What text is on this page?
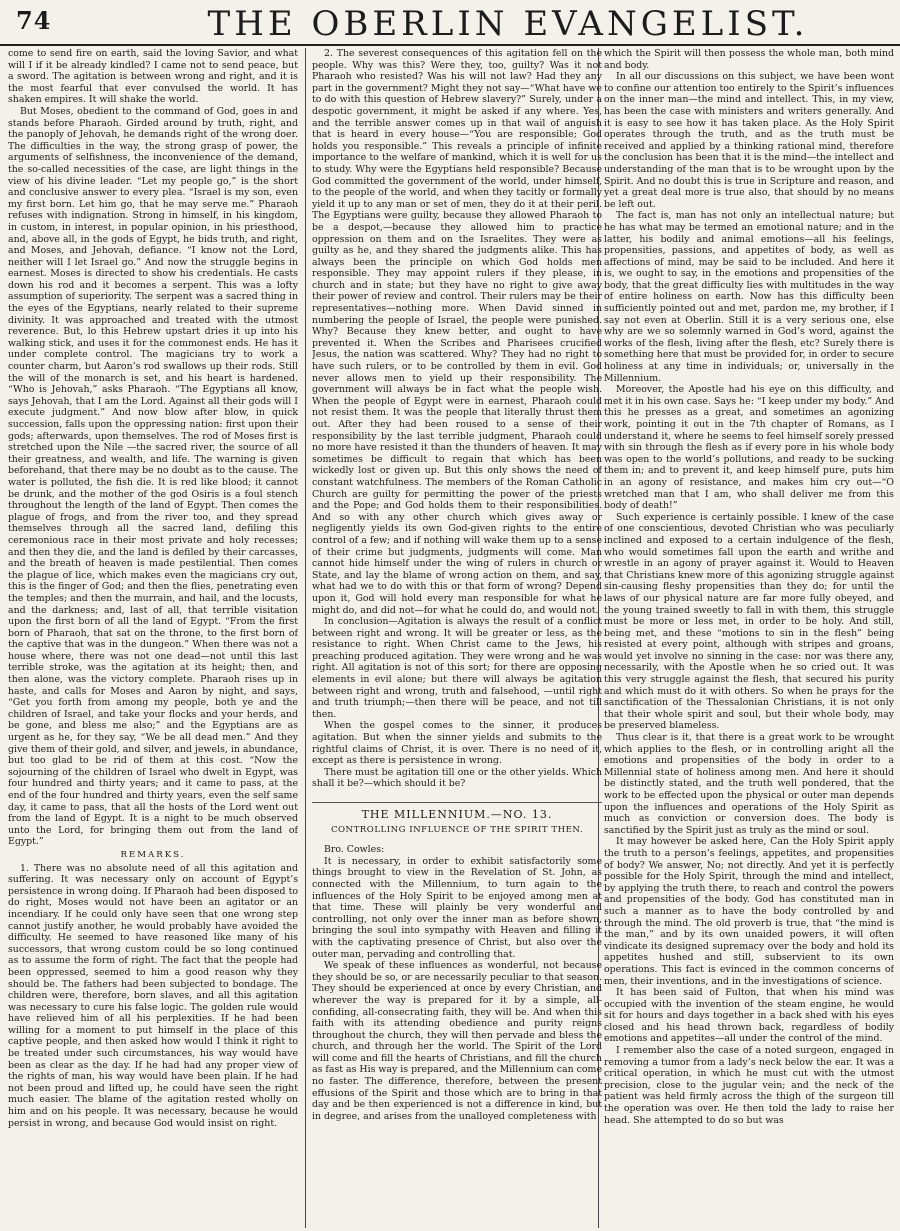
74	THE OBERLIN EVANGELIST.

come to send fire on earth, said the loving Savior, and what will I if it be already kindled? I came not to send peace, but a sword. The agitation is between wrong and right, and it is the most fearful that ever convulsed the world. It has shaken empires. It will shake the world.

But Moses, obedient to the command of God, goes in and stands before Pharaoh. Girded around by truth, right, and the panoply of Jehovah, he demands right of the wrong doer. The difficulties in the way, the strong grasp of power, the arguments of selfishness, the inconvenience of the demand, the so-called necessities of the case, are light things in the view of his divine leader. “Let my people go,” is the short and conclusive answer to every plea. “Israel is my son, even my first born. Let him go, that he may serve me.” Pharaoh refuses with indignation. Strong in himself, in his kingdom, in custom, in interest, in popular opinion, in his priesthood, and, above all, in the gods of Egypt, he bids truth, and right, and Moses, and Jehovah, defiance. “I know not the Lord, neither will I let Israel go.” And now the struggle begins in earnest. Moses is directed to show his credentials. He casts down his rod and it becomes a serpent. This was a lofty assumption of superiority. The serpent was a sacred thing in the eyes of the Egyptians, nearly related to their supreme divinity. It was approached and treated with the utmost reverence. But, lo this Hebrew upstart dries it up into his walking stick, and uses it for the commonest ends. He has it under complete control. The magicians try to work a counter charm, but Aaron’s rod swallows up their rods. Still the will of the monarch is set, and his heart is hardened. “Who is Jehovah,” asks Pharaoh. “The Egyptians all know, says Jehovah, that I am the Lord. Against all their gods will I execute judgment.” And now blow after blow, in quick succession, falls upon the oppressing nation: first upon their gods; afterwards, upon themselves. The rod of Moses first is stretched upon the Nile —the sacred river, the source of all their greatness, and wealth, and life. The warning is given beforehand, that there may be no doubt as to the cause. The water is polluted, the fish die. It is red like blood; it cannot be drunk, and the mother of the god Osiris is a foul stench throughout the length of the land of Egypt. Then comes the plague of frogs, and from the river too, and they spread themselves through all the sacred land, defiling this ceremonious race in their most private and holy recesses; and then they die, and the land is defiled by their carcasses, and the breath of heaven is made pestilential. Then comes the plague of lice, which makes even the magicians cry out, this is the finger of God; and then the flies, penetrating even the temples; and then the murrain, and hail, and the locusts, and the darkness; and, last of all, that terrible visitation upon the first born of all the land of Egypt. “From the first born of Pharaoh, that sat on the throne, to the first born of the captive that was in the dungeon.” When there was not a house where, there was not one dead—not until this last terrible stroke, was the agitation at its height; then, and then alone, was the victory complete. Pharaoh rises up in haste, and calls for Moses and Aaron by night, and says, “Get you forth from among my people, both ye and the children of Israel, and take your flocks and your herds, and be gone, and bless me also;” and the Egyptians are as urgent as he, for they say, “We be all dead men.” And they give them of their gold, and silver, and jewels, in abundance, but too glad to be rid of them at this cost. “Now the sojourning of the children of Israel who dwelt in Egypt, was four hundred and thirty years; and it came to pass, at the end of the four hundred and thirty years, even the self same day, it came to pass, that all the hosts of the Lord went out from the land of Egypt. It is a night to be much observed unto the Lord, for bringing them out from the land of Egypt.”

REMARKS.

1. There was no absolute need of all this agitation and suffering. It was necessary only on account of Egypt’s persistence in wrong doing. If Pharaoh had been disposed to do right, Moses would not have been an agitator or an incendiary. If he could only have seen that one wrong step cannot justify another, he would probably have avoided the difficulty. He seemed to have reasoned like many of his successors, that wrong custom could be so long continued as to assume the form of right. The fact that the people had been oppressed, seemed to him a good reason why they should be. The fathers had been subjected to bondage. The children were, therefore, born slaves, and all this agitation was necessary to cure his false logic. The golden rule would have relieved him of all his perplexities. If he had been willing for a moment to put himself in the place of this captive people, and then asked how would I think it right to be treated under such circumstances, his way would have been as clear as the day. If he had had any proper view of the rights of man, his way would have been plain. If he had not been proud and lifted up, he could have seen the right much easier. The blame of the agitation rested wholly on him and on his people. It was necessary, because he would persist in wrong, and because God would insist on right.

2. The severest consequences of this agitation fell on the people. Why was this? Were they, too, guilty? Was it not Pharaoh who resisted? Was his will not law? Had they any part in the government? Might they not say—“What have we to do with this question of Hebrew slavery?” Surely, under a despotic government, it might be asked if any where. Yes, and the terrible answer comes up in that wail of anguish that is heard in every house—“You are responsible; God holds you responsible.” This reveals a principle of infinite importance to the welfare of mankind, which it is well for us to study. Why were the Egyptians held responsible? Because God committed the government of the world, under himself, to the people of the world, and when they tacitly or formally yield it up to any man or set of men, they do it at their peril. The Egyptians were guilty, because they allowed Pharaoh to be a despot,—because they allowed him to practice oppression on them and on the Israelites. They were as guilty as he, and they shared the judgments alike. This has always been the principle on which God holds men responsible. They may appoint rulers if they please, in church and in state; but they have no right to give away their power of review and control. Their rulers may be their representatives—nothing more. When David sinned in numbering the people of Israel, the people were punished. Why? Because they knew better, and ought to have prevented it. When the Scribes and Pharisees crucified Jesus, the nation was scattered. Why? They had no right to have such rulers, or to be controlled by them in evil. God never allows men to yield up their responsibility. The government will always be in fact what the people wish. When the people of Egypt were in earnest, Pharaoh could not resist them. It was the people that literally thrust them out. After they had been roused to a sense of their responsibility by the last terrible judgment, Pharaoh could no more have resisted it than the thunders of heaven. It may sometimes be difficult to regain that which has been wickedly lost or given up. But this only shows the need of constant watchfulness. The members of the Roman Catholic Church are guilty for permitting the power of the priests and the Pope; and God holds them to their responsibilities. And so with any other church which gives away or negligently yields its own God-given rights to the entire control of a few; and if nothing will wake them up to a sense of their crime but judgments, judgments will come. Man cannot hide himself under the wing of rulers in church or State, and lay the blame of wrong action on them, and say, what had we to do with this or that form of wrong? Depend upon it, God will hold every man responsible for what he might do, and did not—for what he could do, and would not.

In conclusion—Agitation is always the result of a conflict between right and wrong. It will be greater or less, as the resistance to right. When Christ came to the Jews, his preaching produced agitation. They were wrong and he was right. All agitation is not of this sort; for there are opposing elements in evil alone; but there will always be agitation between right and wrong, truth and falsehood, —until right and truth triumph;—then there will be peace, and not till then.

When the gospel comes to the sinner, it produces agitation. But when the sinner yields and submits to the rightful claims of Christ, it is over. There is no need of it, except as there is persistence in wrong.

There must be agitation till one or the other yields. Which shall it be?—which should it be?

THE MILLENNIUM.—NO. 13.
CONTROLLING INFLUENCE OF THE SPIRIT THEN.

Bro. Cowles:

It is necessary, in order to exhibit satisfactorily some things brought to view in the Revelation of St. John, as connected with the Millennium, to turn again to the influences of the Holy Spirit to be enjoyed among men at that time. These will plainly be very wonderful and controlling, not only over the inner man as before shown, bringing the soul into sympathy with Heaven and filling it with the captivating presence of Christ, but also over the outer man, pervading and controlling that.

We speak of these influences as wonderful, not because they should be so, or are necessarily peculiar to that season. They should be experienced at once by every Christian, and wherever the way is prepared for it by a simple, all-confiding, all-consecrating faith, they will be. And when this faith with its attending obedience and purity reigns throughout the church, they will then pervade and bless the church, and through her the world. The Spirit of the Lord will come and fill the hearts of Christians, and fill the church as fast as His way is prepared, and the Millennium can come no faster. The difference, therefore, between the present effusions of the Spirit and those which are to bring in that day and be then experienced is not a difference in kind, but in degree, and arises from the unalloyed completeness with

which the Spirit will then possess the whole man, both mind and body.

In all our discussions on this subject, we have been wont to confine our attention too entirely to the Spirit’s influences on the inner man—the mind and intellect. This, in my view, has been the case with ministers and writers generally. And it is easy to see how it has taken place. As the Holy Spirit operates through the truth, and as the truth must be received and applied by a thinking rational mind, therefore the conclusion has been that it is the mind—the intellect and understanding of the man that is to be wrought upon by the Spirit. And no doubt this is true in Scripture and reason, and yet a great deal more is true also, that should by no means be left out.

The fact is, man has not only an intellectual nature; but he has what may be termed an emotional nature; and in the latter, his bodily and animal emotions—all his feelings, propensities, passions, and appetites of body, as well as affections of mind, may be said to be included. And here it is, we ought to say, in the emotions and propensities of the body, that the great difficulty lies with multitudes in the way of entire holiness on earth. Now has this difficulty been sufficiently pointed out and met, pardon me, my brother, if I say not even at Oberlin. Still it is a very serious one, else why are we so solemnly warned in God’s word, against the works of the flesh, living after the flesh, etc? Surely there is something here that must be provided for, in order to secure holiness at any time in individuals; or, universally in the Millennium.

Moreover, the Apostle had his eye on this difficulty, and met it in his own case. Says he: “I keep under my body.” And this he presses as a great, and sometimes an agonizing work, pointing it out in the 7th chapter of Romans, as I understand it, where he seems to feel himself sorely pressed with sin through the flesh as if every pore in his whole body was open to the world’s pollutions, and ready to be sucking them in; and to prevent it, and keep himself pure, puts him in an agony of resistance, and makes him cry out—“O wretched man that I am, who shall deliver me from this body of death!”

Such experience is certainly possible. I knew of the case of one conscientious, devoted Christian who was peculiarly inclined and exposed to a certain indulgence of the flesh, who would sometimes fall upon the earth and writhe and wrestle in an agony of prayer against it. Would to Heaven that Christians knew more of this agonizing struggle against sin-causing fleshy propensities than they do; for until the laws of our physical nature are far more fully obeyed, and the young trained sweetly to fall in with them, this struggle must be more or less met, in order to be holy. And still, being met, and these “motions to sin in the flesh” being resisted at every point, although with stripes and groans, would yet involve no sinning in the case: nor was there any, necessarily, with the Apostle when he so cried out. It was this very struggle against the flesh, that secured his purity and which must do it with others. So when he prays for the sanctification of the Thessalonian Christians, it is not only that their whole spirit and soul, but their whole body, may be preserved blameless.

Thus clear is it, that there is a great work to be wrought which applies to the flesh, or in controlling aright all the emotions and propensities of the body in order to a Millennial state of holiness among men. And here it should be distinctly stated, and the truth well pondered, that the work to be effected upon the physical or outer man depends upon the influences and operations of the Holy Spirit as much as conviction or conversion does. The body is sanctified by the Spirit just as truly as the mind or soul.

It may however be asked here, Can the Holy Spirit apply the truth to a person’s feelings, appetites, and propensities of body? We answer, No; not directly. And yet it is perfectly possible for the Holy Spirit, through the mind and intellect, by applying the truth there, to reach and control the powers and propensities of the body. God has constituted man in such a manner as to have the body controlled by and through the mind. The old proverb is true, that “the mind is the man,” and by its own unaided powers, it will often vindicate its designed supremacy over the body and hold its appetites hushed and still, subservient to its own operations. This fact is evinced in the common concerns of men, their inventions, and in the investigations of science.

It has been said of Fulton, that when his mind was occupied with the invention of the steam engine, he would sit for hours and days together in a back shed with his eyes closed and his head thrown back, regardless of bodily emotions and appetites—all under the control of the mind.

I remember also the case of a noted surgeon, engaged in removing a tumor from a lady’s neck below the ear. It was a critical operation, in which he must cut with the utmost precision, close to the jugular vein; and the neck of the patient was held firmly across the thigh of the surgeon till the operation was over. He then told the lady to raise her head. She attempted to do so but was
